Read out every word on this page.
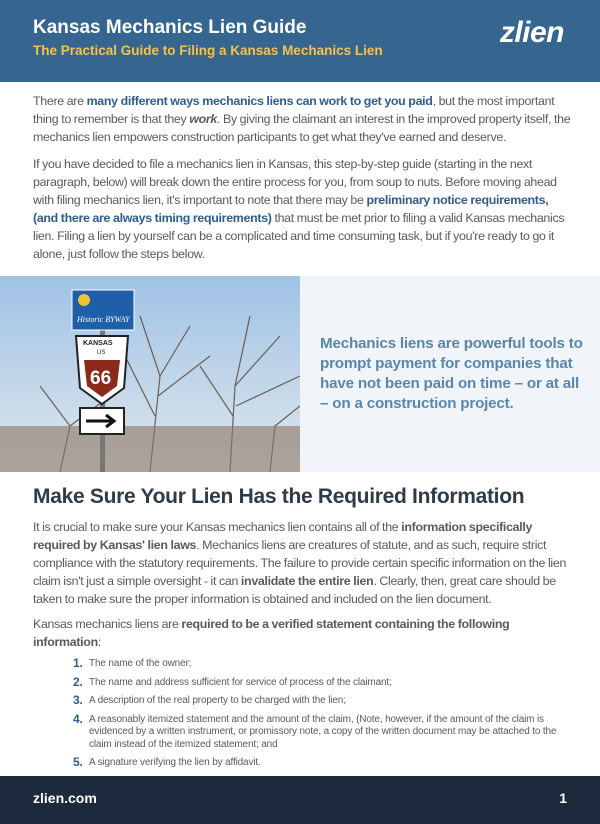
Kansas Mechanics Lien Guide
The Practical Guide to Filing a Kansas Mechanics Lien
zlien
There are many different ways mechanics liens can work to get you paid, but the most important thing to remember is that they work. By giving the claimant an interest in the improved property itself, the mechanics lien empowers construction participants to get what they've earned and deserve.
If you have decided to file a mechanics lien in Kansas, this step-by-step guide (starting in the next paragraph, below) will break down the entire process for you, from soup to nuts. Before moving ahead with filing mechanics lien, it's important to note that there may be preliminary notice requirements, (and there are always timing requirements) that must be met prior to filing a valid Kansas mechanics lien. Filing a lien by yourself can be a complicated and time consuming task, but if you're ready to go it alone, just follow the steps below.
Historic BYWAY
KANSAS
US
66
Mechanics liens are powerful tools to prompt payment for companies that have not been paid on time – or at all – on a construction project.
Make Sure Your Lien Has the Required Information
It is crucial to make sure your Kansas mechanics lien contains all of the information specifically required by Kansas' lien laws. Mechanics liens are creatures of statute, and as such, require strict compliance with the statutory requirements. The failure to provide certain specific information on the lien claim isn't just a simple oversight - it can invalidate the entire lien. Clearly, then, great care should be taken to make sure the proper information is obtained and included on the lien document.
Kansas mechanics liens are required to be a verified statement containing the following information:
1. The name of the owner;
2. The name and address sufficient for service of process of the claimant;
3. A description of the real property to be charged with the lien;
4. A reasonably itemized statement and the amount of the claim, (Note, however, if the amount of the claim is evidenced by a written instrument, or promissory note, a copy of the written document may be attached to the claim instead of the itemized statement; and
5. A signature verifying the lien by affidavit.
zlien.com	1
